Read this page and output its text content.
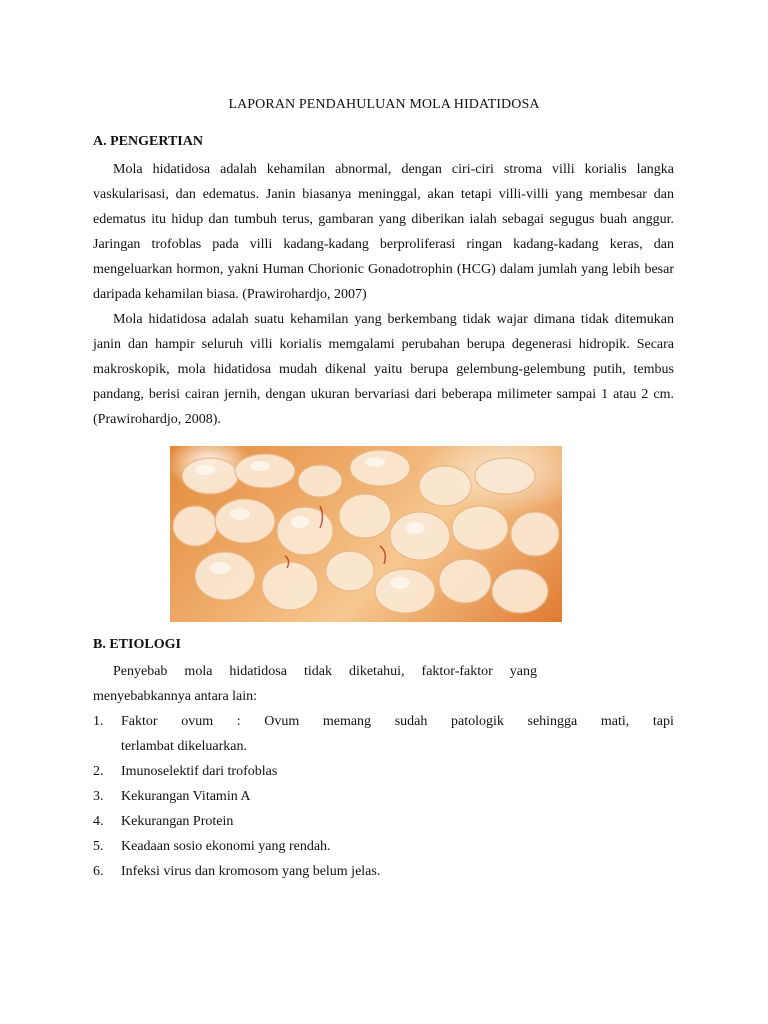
LAPORAN PENDAHULUAN MOLA HIDATIDOSA
A. PENGERTIAN

Mola hidatidosa adalah kehamilan abnormal, dengan ciri-ciri stroma villi korialis langka vaskularisasi, dan edematus. Janin biasanya meninggal, akan tetapi villi-villi yang membesar dan edematus itu hidup dan tumbuh terus, gambaran yang diberikan ialah sebagai segugus buah anggur. Jaringan trofoblas pada villi kadang-kadang berproliferasi ringan kadang-kadang keras, dan mengeluarkan hormon, yakni Human Chorionic Gonadotrophin (HCG) dalam jumlah yang lebih besar daripada kehamilan biasa. (Prawirohardjo, 2007)

Mola hidatidosa adalah suatu kehamilan yang berkembang tidak wajar dimana tidak ditemukan janin dan hampir seluruh villi korialis memgalami perubahan berupa degenerasi hidropik. Secara makroskopik, mola hidatidosa mudah dikenal yaitu berupa gelembung-gelembung putih, tembus pandang, berisi cairan jernih, dengan ukuran bervariasi dari beberapa milimeter sampai 1 atau 2 cm. (Prawirohardjo, 2008).

B. ETIOLOGI
Penyebab mola hidatidosa tidak diketahui, faktor-faktor yang
menyebabkannya antara lain:
1. Faktor ovum : Ovum memang sudah patologik sehingga mati, tapi
terlambat dikeluarkan.
2. Imunoselektif dari trofoblas
3. Kekurangan Vitamin A
4. Kekurangan Protein
5. Keadaan sosio ekonomi yang rendah.
6. Infeksi virus dan kromosom yang belum jelas.
